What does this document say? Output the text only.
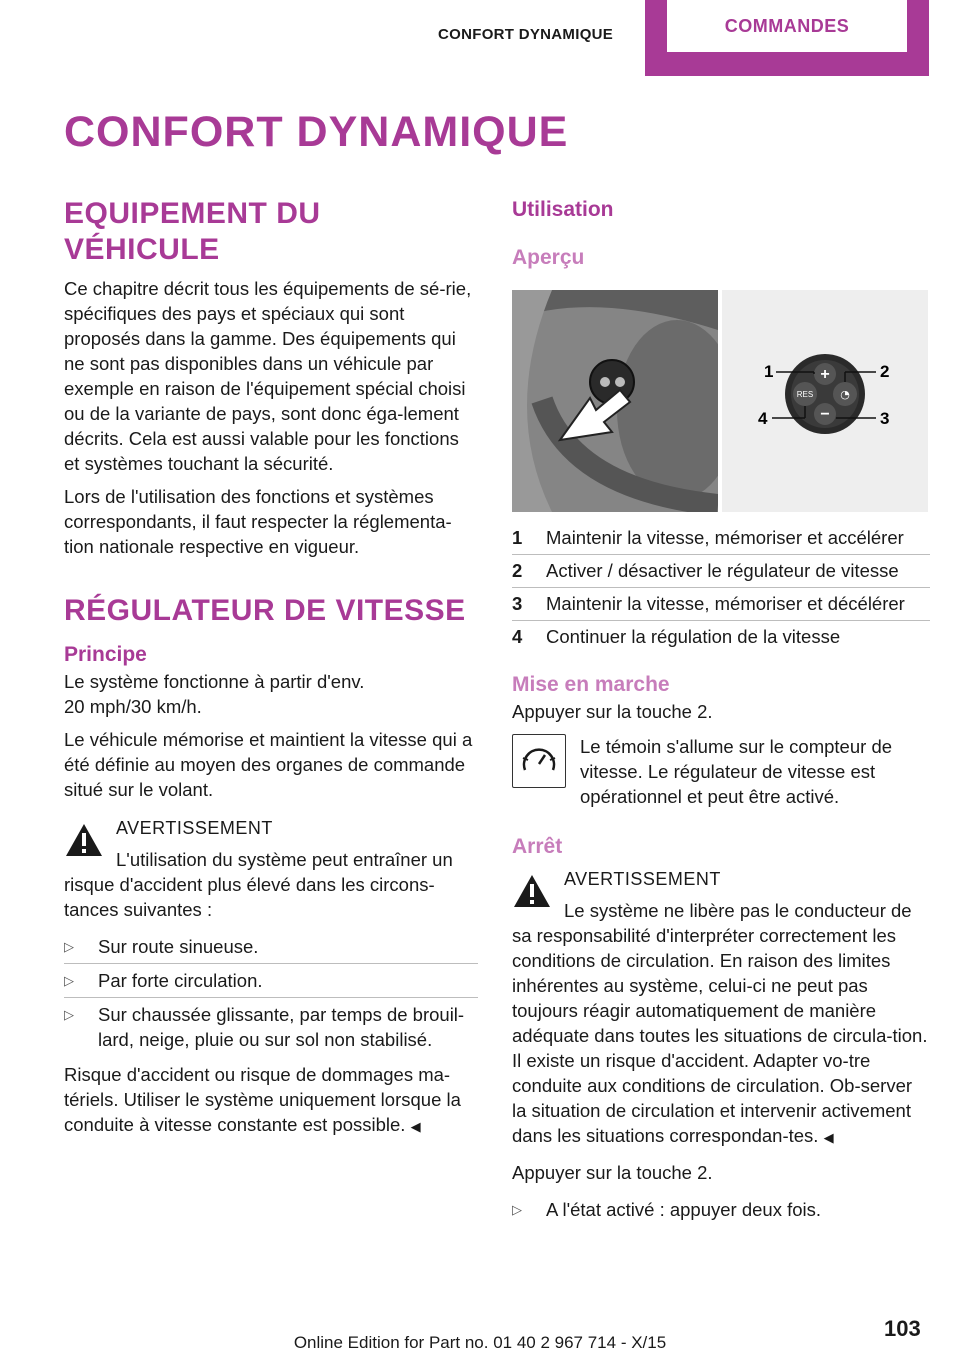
CONFORT DYNAMIQUE	COMMANDES
CONFORT DYNAMIQUE
EQUIPEMENT DU VÉHICULE

Ce chapitre décrit tous les équipements de sé-rie, spécifiques des pays et spéciaux qui sont proposés dans la gamme. Des équipements qui ne sont pas disponibles dans un véhicule par exemple en raison de l'équipement spécial choisi ou de la variante de pays, sont donc éga-lement décrits. Cela est aussi valable pour les fonctions et systèmes touchant la sécurité.

Lors de l'utilisation des fonctions et systèmes correspondants, il faut respecter la réglementa-tion nationale respective en vigueur.

RÉGULATEUR DE VITESSE
Principe

Le système fonctionne à partir d'env.

20 mph/30 km/h.

Le véhicule mémorise et maintient la vitesse qui a été définie au moyen des organes de commande situé sur le volant.

AVERTISSEMENT

L'utilisation du système peut entraîner un

risque d'accident plus élevé dans les circons-tances suivantes :

▷	Sur route sinueuse.
▷	Par forte circulation.
▷	Sur chaussée glissante, par temps de brouil-lard, neige, pluie ou sur sol non stabilisé.

Risque d'accident ou risque de dommages ma-tériels. Utiliser le système uniquement lorsque la conduite à vitesse constante est possible. ◀

Utilisation
Aperçu
+
−
RES ◔
1	2
3
4
1	Maintenir la vitesse, mémoriser et accélérer
2	Activer / désactiver le régulateur de vitesse
3	Maintenir la vitesse, mémoriser et décélérer
4	Continuer la régulation de la vitesse
Mise en marche

Appuyer sur la touche 2.

Le témoin s'allume sur le compteur de vitesse. Le régulateur de vitesse est opérationnel et peut être activé.

Arrêt
AVERTISSEMENT

Le système ne libère pas le conducteur de

sa responsabilité d'interpréter correctement les conditions de circulation. En raison des limites inhérentes au système, celui-ci ne peut pas toujours réagir automatiquement de manière adéquate dans toutes les situations de circula-tion. Il existe un risque d'accident. Adapter vo-tre conduite aux conditions de circulation. Ob-server la situation de circulation et intervenir activement dans les situations correspondan-tes. ◀

Appuyer sur la touche 2.

▷	A l'état activé : appuyer deux fois.
103
Online Edition for Part no. 01 40 2 967 714 - X/15
